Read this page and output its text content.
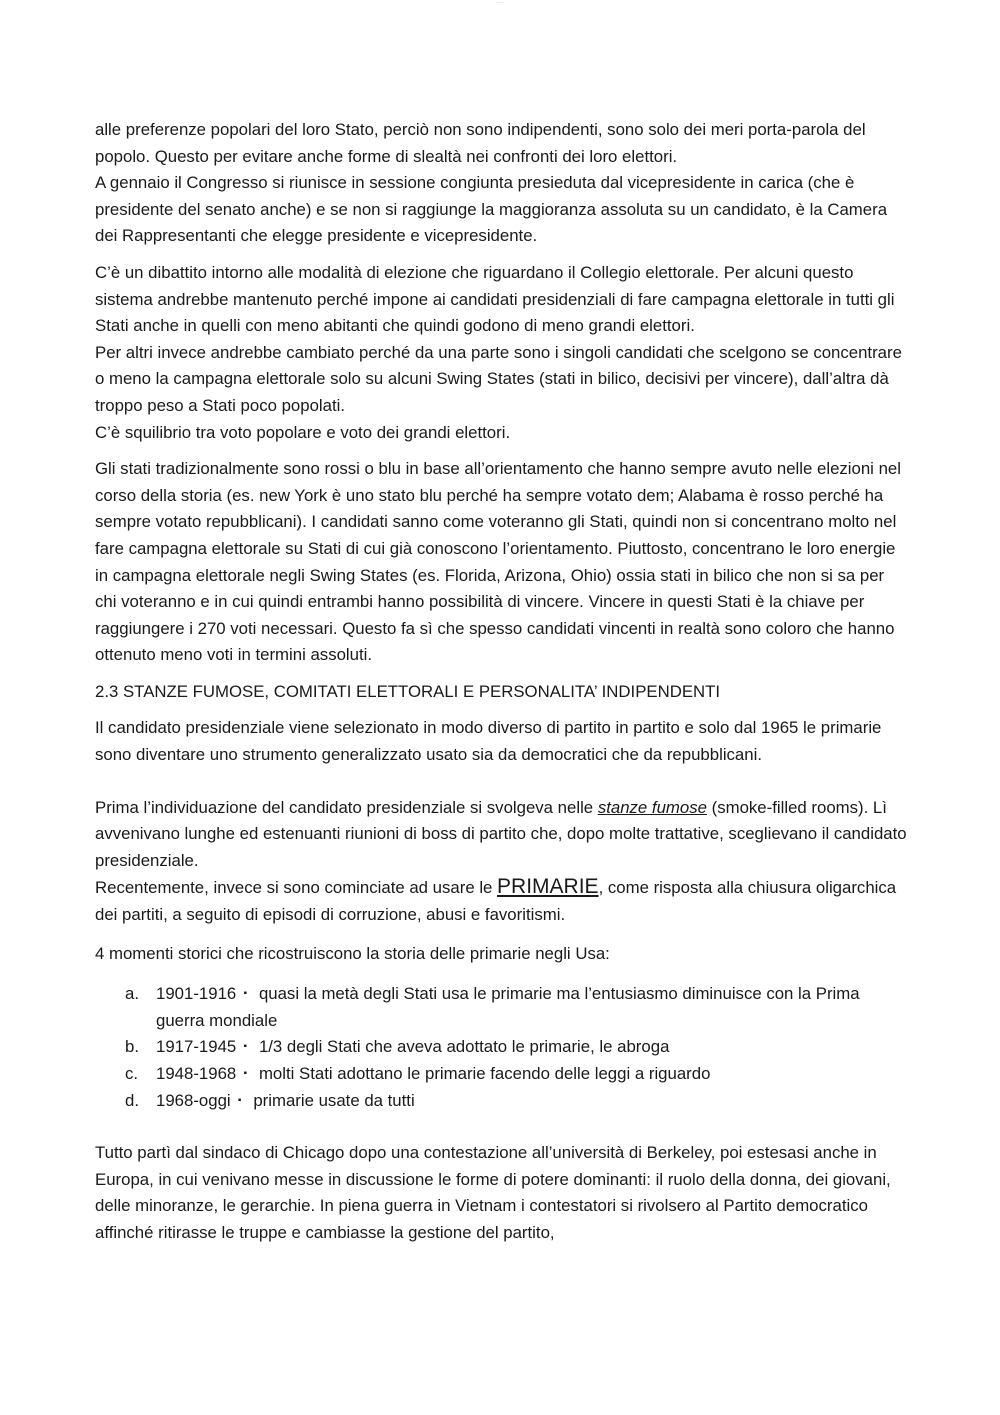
-------

alle preferenze popolari del loro Stato, perciò non sono indipendenti, sono solo dei meri porta-parola del popolo. Questo per evitare anche forme di slealtà nei confronti dei loro elettori.

A gennaio il Congresso si riunisce in sessione congiunta presieduta dal vicepresidente in carica (che è presidente del senato anche) e se non si raggiunge la maggioranza assoluta su un candidato, è la Camera dei Rappresentanti che elegge presidente e vicepresidente.

C’è un dibattito intorno alle modalità di elezione che riguardano il Collegio elettorale. Per alcuni questo sistema andrebbe mantenuto perché impone ai candidati presidenziali di fare campagna elettorale in tutti gli Stati anche in quelli con meno abitanti che quindi godono di meno grandi elettori.

Per altri invece andrebbe cambiato perché da una parte sono i singoli candidati che scelgono se concentrare o meno la campagna elettorale solo su alcuni Swing States (stati in bilico, decisivi per vincere), dall’altra dà troppo peso a Stati poco popolati.

C’è squilibrio tra voto popolare e voto dei grandi elettori.

Gli stati tradizionalmente sono rossi o blu in base all’orientamento che hanno sempre avuto nelle elezioni nel corso della storia (es. new York è uno stato blu perché ha sempre votato dem; Alabama è rosso perché ha sempre votato repubblicani). I candidati sanno come voteranno gli Stati, quindi non si concentrano molto nel fare campagna elettorale su Stati di cui già conoscono l’orientamento. Piuttosto, concentrano le loro energie in campagna elettorale negli Swing States (es. Florida, Arizona, Ohio) ossia stati in bilico che non si sa per chi voteranno e in cui quindi entrambi hanno possibilità di vincere. Vincere in questi Stati è la chiave per raggiungere i 270 voti necessari. Questo fa sì che spesso candidati vincenti in realtà sono coloro che hanno ottenuto meno voti in termini assoluti.

2.3 STANZE FUMOSE, COMITATI ELETTORALI E PERSONALITA’ INDIPENDENTI

Il candidato presidenziale viene selezionato in modo diverso di partito in partito e solo dal 1965 le primarie sono diventare uno strumento generalizzato usato sia da democratici che da repubblicani.

Prima l’individuazione del candidato presidenziale si svolgeva nelle stanze fumose (smoke-filled rooms). Lì avvenivano lunghe ed estenuanti riunioni di boss di partito che, dopo molte trattative, sceglievano il candidato presidenziale.

Recentemente, invece si sono cominciate ad usare le PRIMARIE, come risposta alla chiusura oligarchica dei partiti, a seguito di episodi di corruzione, abusi e favoritismi.

4 momenti storici che ricostruiscono la storia delle primarie negli Usa:

a. 1901-1916 ▪ quasi la metà degli Stati usa le primarie ma l’entusiasmo diminuisce con la Prima guerra mondiale
b. 1917-1945 ▪ 1/3 degli Stati che aveva adottato le primarie, le abroga
c. 1948-1968 ▪ molti Stati adottano le primarie facendo delle leggi a riguardo
d. 1968-oggi ▪ primarie usate da tutti

Tutto partì dal sindaco di Chicago dopo una contestazione all’università di Berkeley, poi estesasi anche in Europa, in cui venivano messe in discussione le forme di potere dominanti: il ruolo della donna, dei giovani, delle minoranze, le gerarchie. In piena guerra in Vietnam i contestatori si rivolsero al Partito democratico affinché ritirasse le truppe e cambiasse la gestione del partito,
